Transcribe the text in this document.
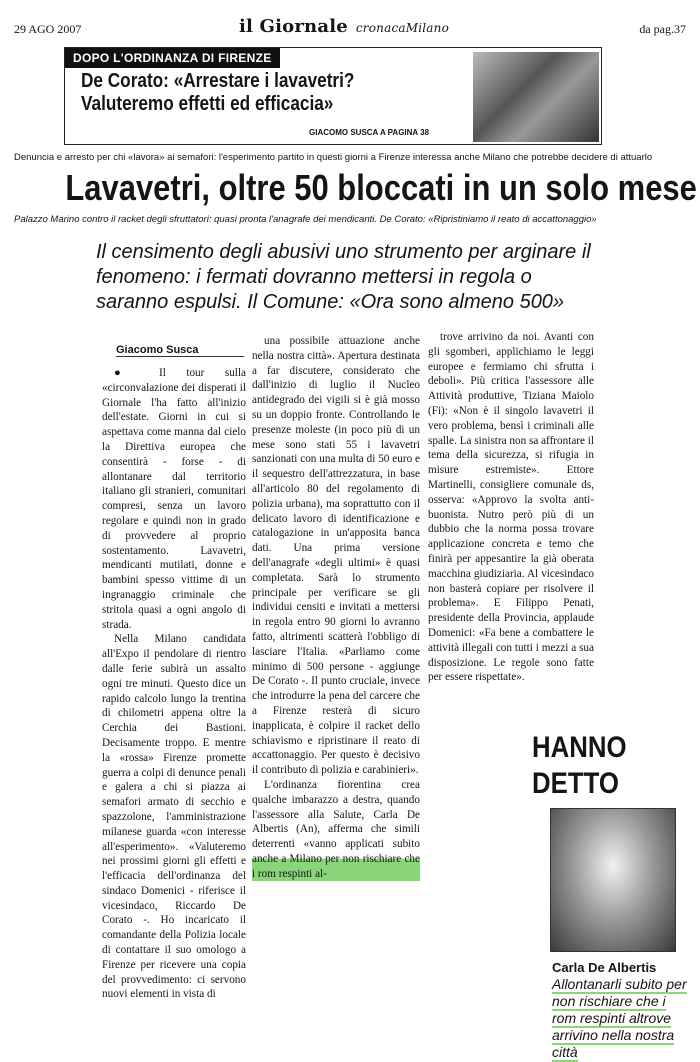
29 AGO 2007	il Giornale cronacaMilano	da pag.37
DOPO L'ORDINANZA DI FIRENZE
De Corato: «Arrestare i lavavetri? Valuteremo effetti ed efficacia»
GIACOMO SUSCA A PAGINA 38
Denuncia e arresto per chi «lavora» ai semafori: l'esperimento partito in questi giorni a Firenze interessa anche Milano che potrebbe decidere di attuarlo
Lavavetri, oltre 50 bloccati in un solo mese
Palazzo Marino contro il racket degli sfruttatori: quasi pronta l'anagrafe dei mendicanti. De Corato: «Ripristiniamo il reato di accattonaggio»
Il censimento degli abusivi uno strumento per arginare il fenomeno: i fermati dovranno mettersi in regola o saranno espulsi. Il Comune: «Ora sono almeno 500»
Giacomo Susca

● Il tour sulla «circonvalazione dei disperati il Giornale l'ha fatto all'inizio dell'estate. Giorni in cui si aspettava come manna dal cielo la Direttiva europea che consentirà - forse - di allontanare dal territorio italiano gli stranieri, comunitari compresi, senza un lavoro regolare e quindi non in grado di provvedere al proprio sostentamento. Lavavetri, mendicanti mutilati, donne e bambini spesso vittime di un ingranaggio criminale che stritola quasi a ogni angolo di strada.

Nella Milano candidata all'Expo il pendolare di rientro dalle ferie subirà un assalto ogni tre minuti. Questo dice un rapido calcolo lungo la trentina di chilometri appena oltre la Cerchia dei Bastioni. Decisamente troppo. E mentre la «rossa» Firenze promette guerra a colpi di denunce penali e galera a chi si piazza ai semafori armato di secchio e spazzolone, l'amministrazione milanese guarda «con interesse all'esperimento». «Valuteremo nei prossimi giorni gli effetti e l'efficacia dell'ordinanza del sindaco Domenici - riferisce il vicesindaco, Riccardo De Corato -. Ho incaricato il comandante della Polizia locale di contattare il suo omologo a Firenze per ricevere una copia del provvedimento: ci servono nuovi elementi in vista di

una possibile attuazione anche nella nostra città». Apertura destinata a far discutere, considerato che dall'inizio di luglio il Nucleo antidegrado dei vigili si è già mosso su un doppio fronte. Controllando le presenze moleste (in poco più di un mese sono stati 55 i lavavetri sanzionati con una multa di 50 euro e il sequestro dell'attrezzatura, in base all'articolo 80 del regolamento di polizia urbana), ma soprattutto con il delicato lavoro di identificazione e catalogazione in un'apposita banca dati. Una prima versione dell'anagrafe «degli ultimi» è quasi completata. Sarà lo strumento principale per verificare se gli individui censiti e invitati a mettersi in regola entro 90 giorni lo avranno fatto, altrimenti scatterà l'obbligo di lasciare l'Italia. «Parliamo come minimo di 500 persone - aggiunge De Corato -. Il punto cruciale, invece che introdurre la pena del carcere che a Firenze resterà di sicuro inapplicata, è colpire il racket dello schiavismo e ripristinare il reato di accattonaggio. Per questo è decisivo il contributo di polizia e carabinieri».

L'ordinanza fiorentina crea qualche imbarazzo a destra, quando l'assessore alla Salute, Carla De Albertis (An), afferma che simili deterrenti «vanno applicati subito anche a Milano per non rischiare che i rom respinti al-

trove arrivino da noi. Avanti con gli sgomberi, applichiamo le leggi europee e fermiamo chi sfrutta i deboli». Più critica l'assessore alle Attività produttive, Tiziana Maiolo (Fi): «Non è il singolo lavavetri il vero problema, bensì i criminali alle spalle. La sinistra non sa affrontare il tema della sicurezza, si rifugia in misure estremiste». Ettore Martinelli, consigliere comunale ds, osserva: «Approvo la svolta anti-buonista. Nutro però più di un dubbio che la norma possa trovare applicazione concreta e temo che finirà per appesantire la già oberata macchina giudiziaria. Al vicesindaco non basterà copiare per risolvere il problema». E Filippo Penati, presidente della Provincia, applaude Domenici: «Fa bene a combattere le attività illegali con tutti i mezzi a sua disposizione. Le regole sono fatte per essere rispettate».

HANNO
DETTO
Carla De Albertis
Allontanarli subito per non rischiare che i rom respinti altrove arrivino nella nostra città
